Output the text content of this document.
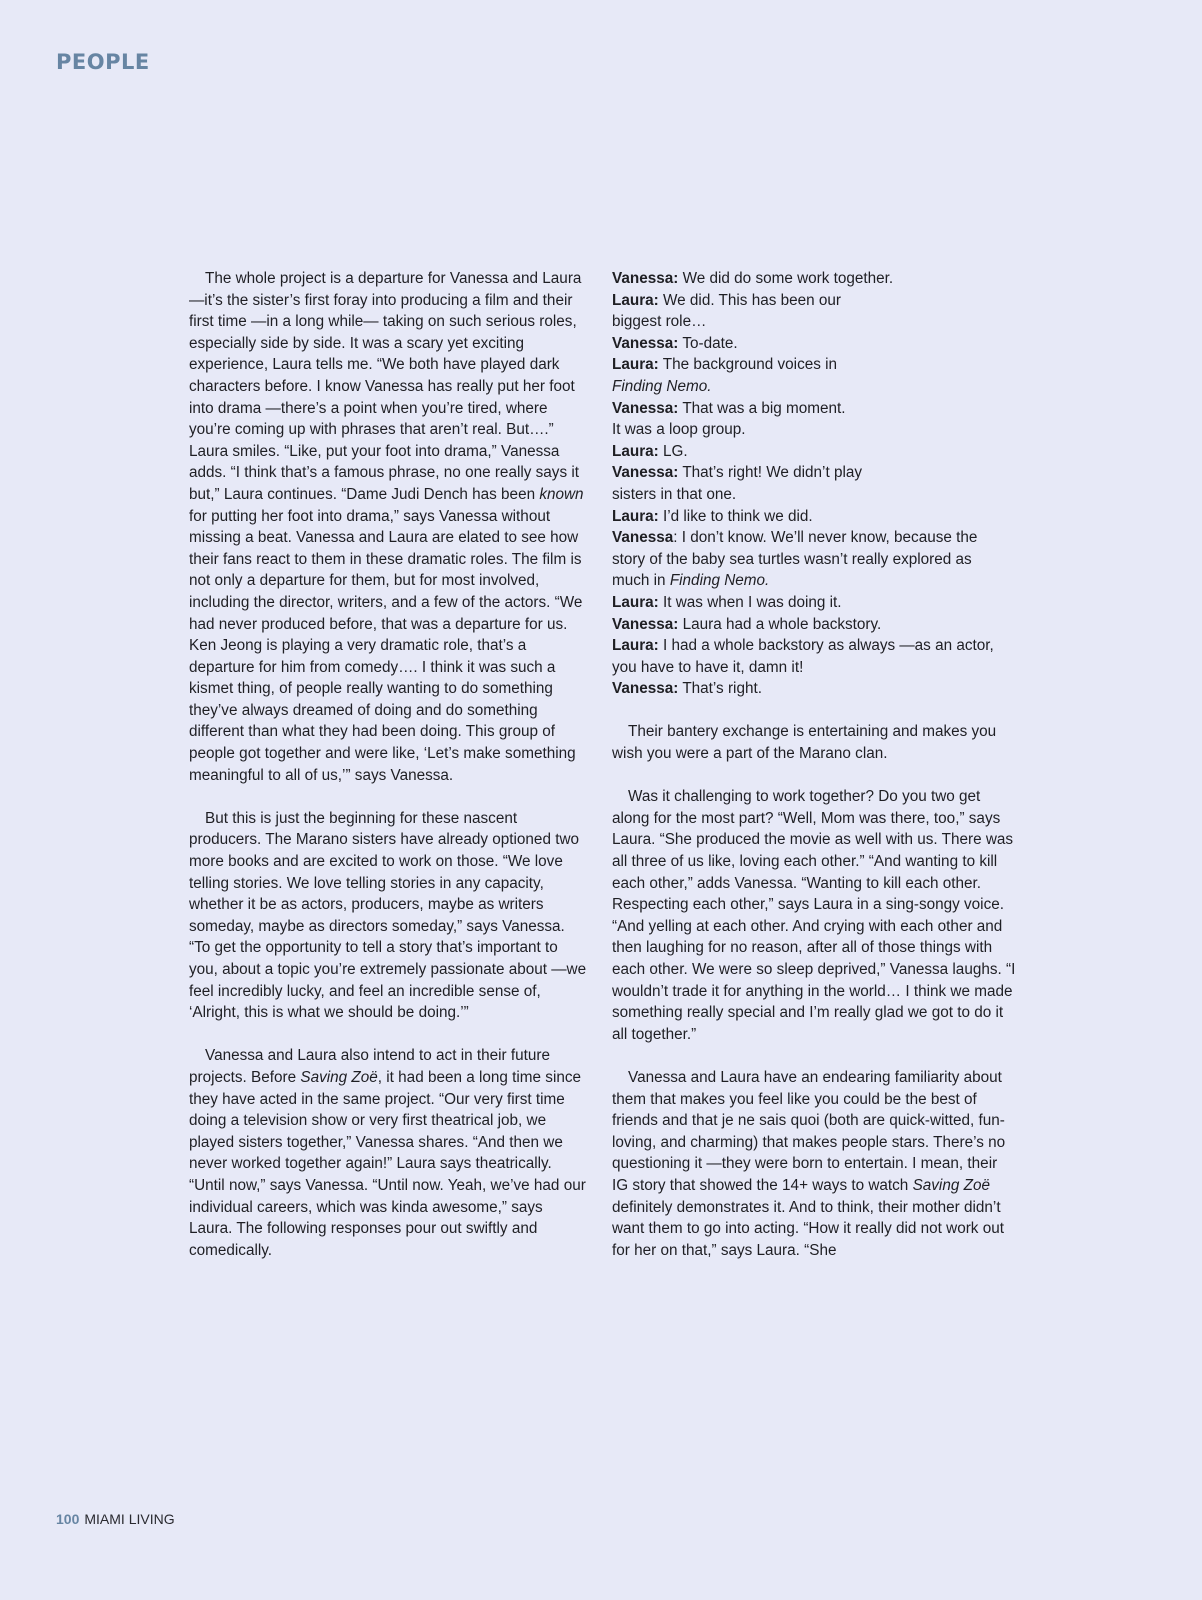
PEOPLE

The whole project is a departure for Vanessa and Laura —it’s the sister’s first foray into producing a film and their first time —in a long while— taking on such serious roles, especially side by side. It was a scary yet exciting experience, Laura tells me. “We both have played dark characters before. I know Vanessa has really put her foot into drama —there’s a point when you’re tired, where you’re coming up with phrases that aren’t real. But….” Laura smiles. “Like, put your foot into drama,” Vanessa adds. “I think that’s a famous phrase, no one really says it but,” Laura continues. “Dame Judi Dench has been known for putting her foot into drama,” says Vanessa without missing a beat. Vanessa and Laura are elated to see how their fans react to them in these dramatic roles. The film is not only a departure for them, but for most involved, including the director, writers, and a few of the actors. “We had never produced before, that was a departure for us. Ken Jeong is playing a very dramatic role, that’s a departure for him from comedy…. I think it was such a kismet thing, of people really wanting to do something they’ve always dreamed of doing and do something different than what they had been doing. This group of people got together and were like, ‘Let’s make something meaningful to all of us,’” says Vanessa.

But this is just the beginning for these nascent producers. The Marano sisters have already optioned two more books and are excited to work on those. “We love telling stories. We love telling stories in any capacity, whether it be as actors, producers, maybe as writers someday, maybe as directors someday,” says Vanessa. “To get the opportunity to tell a story that’s important to you, about a topic you’re extremely passionate about —we feel incredibly lucky, and feel an incredible sense of, ‘Alright, this is what we should be doing.’”

Vanessa and Laura also intend to act in their future projects. Before Saving Zoë, it had been a long time since they have acted in the same project. “Our very first time doing a television show or very first theatrical job, we played sisters together,” Vanessa shares. “And then we never worked together again!” Laura says theatrically. “Until now,” says Vanessa. “Until now. Yeah, we’ve had our individual careers, which was kinda awesome,” says Laura. The following responses pour out swiftly and comedically.

Vanessa: We did do some work together.
Laura: We did. This has been our
biggest role…
Vanessa: To-date.
Laura: The background voices in
Finding Nemo.
Vanessa: That was a big moment.
It was a loop group.
Laura: LG.
Vanessa: That’s right! We didn’t play
sisters in that one.
Laura: I’d like to think we did.
Vanessa: I don’t know. We’ll never know, because the
story of the baby sea turtles wasn’t really explored as
much in Finding Nemo.
Laura: It was when I was doing it.
Vanessa: Laura had a whole backstory.
Laura: I had a whole backstory as always —as an actor,
you have to have it, damn it!
Vanessa: That’s right.

Their bantery exchange is entertaining and makes you wish you were a part of the Marano clan.

Was it challenging to work together? Do you two get along for the most part? “Well, Mom was there, too,” says Laura. “She produced the movie as well with us. There was all three of us like, loving each other.” “And wanting to kill each other,” adds Vanessa. “Wanting to kill each other. Respecting each other,” says Laura in a sing-songy voice. “And yelling at each other. And crying with each other and then laughing for no reason, after all of those things with each other. We were so sleep deprived,” Vanessa laughs. “I wouldn’t trade it for anything in the world… I think we made something really special and I’m really glad we got to do it all together.”

Vanessa and Laura have an endearing familiarity about them that makes you feel like you could be the best of friends and that je ne sais quoi (both are quick-witted, fun-loving, and charming) that makes people stars. There’s no questioning it —they were born to entertain. I mean, their IG story that showed the 14+ ways to watch Saving Zoë definitely demonstrates it. And to think, their mother didn’t want them to go into acting. “How it really did not work out for her on that,” says Laura. “She

100 MIAMI LIVING
